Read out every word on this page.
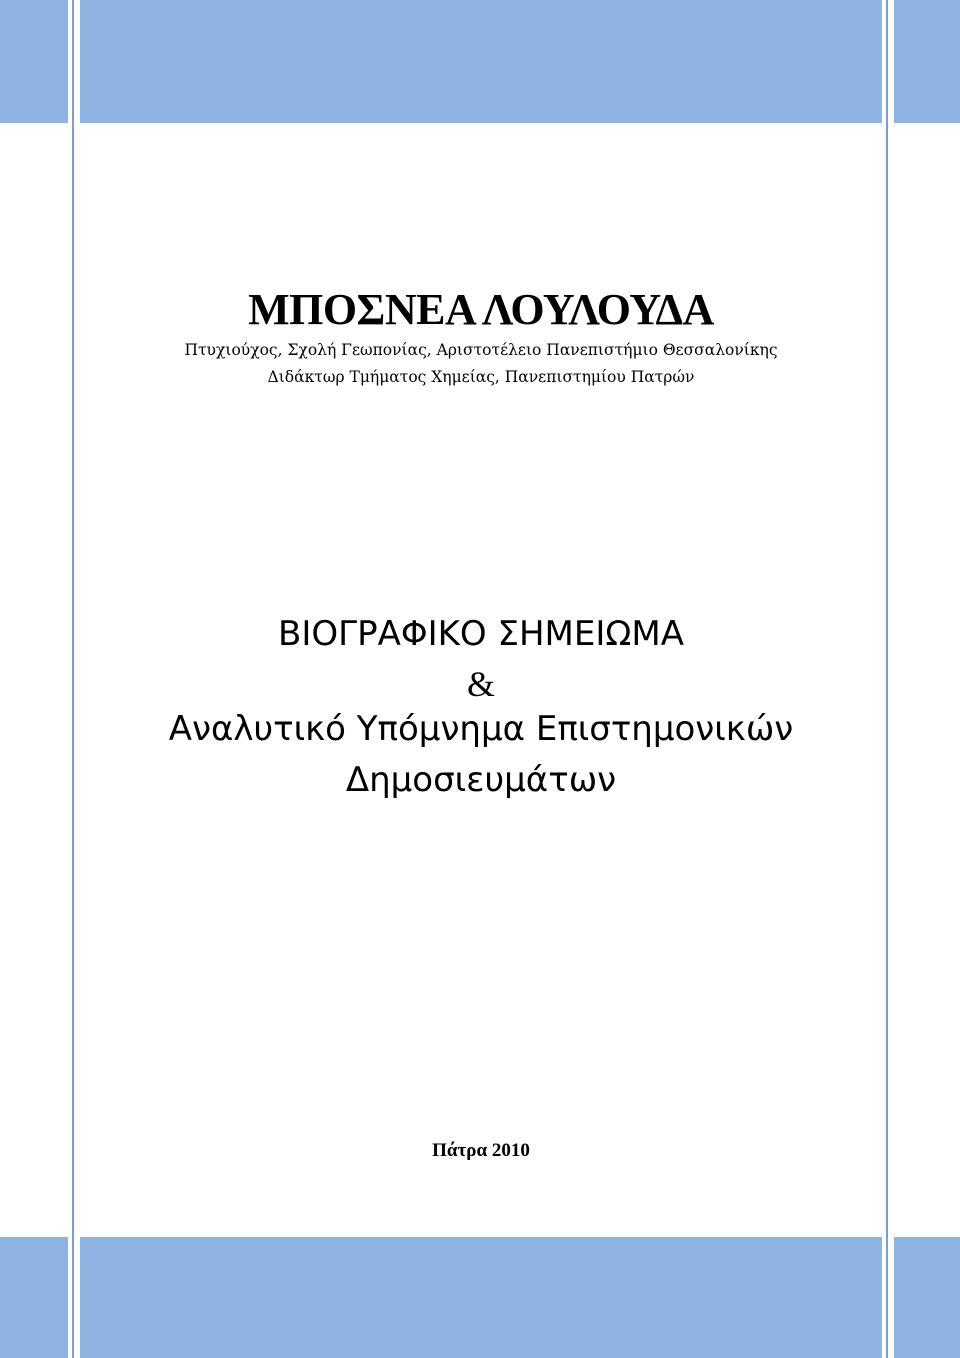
ΜΠΟΣΝΕΑ ΛΟΥΛΟΥΔΑ
Πτυχιούχος, Σχολή Γεωπονίας, Αριστοτέλειο Πανεπιστήμιο Θεσσαλονίκης
Διδάκτωρ Τμήματος Χημείας, Πανεπιστημίου Πατρών
ΒΙΟΓΡΑΦΙΚΟ ΣΗΜΕΙΩΜΑ
&
Αναλυτικό Υπόμνημα Επιστημονικών
Δημοσιευμάτων
Πάτρα 2010
